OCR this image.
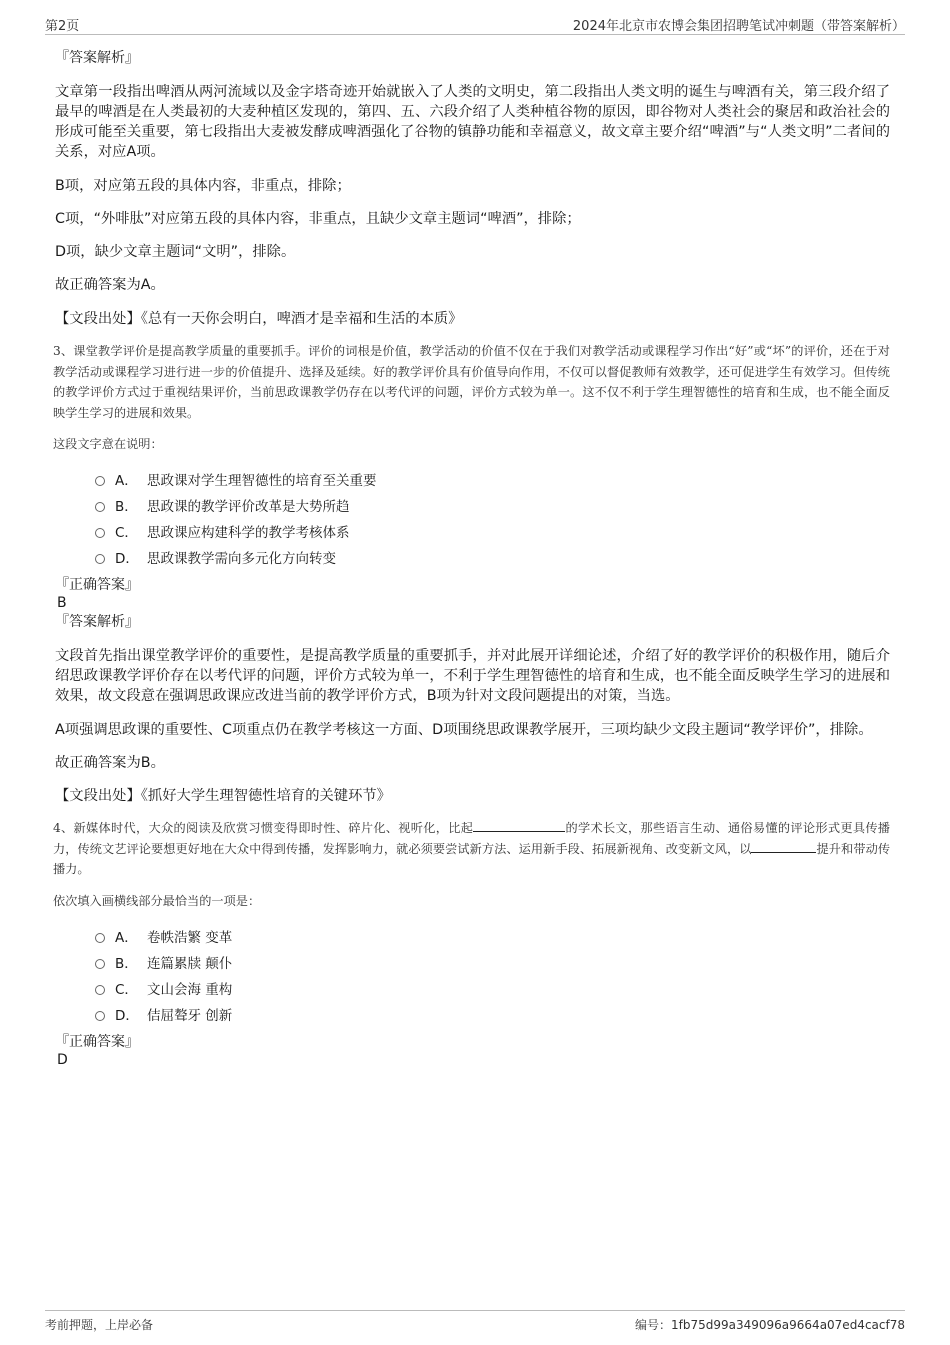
第2页	2024年北京市农博会集团招聘笔试冲刺题（带答案解析）

『答案解析』

文章第一段指出啤酒从两河流域以及金字塔奇迹开始就嵌入了人类的文明史，第二段指出人类文明的诞生与啤酒有关，第三段介绍了最早的啤酒是在人类最初的大麦种植区发现的，第四、五、六段介绍了人类种植谷物的原因，即谷物对人类社会的聚居和政治社会的形成可能至关重要，第七段指出大麦被发酵成啤酒强化了谷物的镇静功能和幸福意义，故文章主要介绍“啤酒”与“人类文明”二者间的关系，对应A项。

B项，对应第五段的具体内容，非重点，排除；

C项，“外啡肽”对应第五段的具体内容，非重点，且缺少文章主题词“啤酒”，排除；

D项，缺少文章主题词“文明”，排除。

故正确答案为A。

【文段出处】《总有一天你会明白，啤酒才是幸福和生活的本质》

3、课堂教学评价是提高教学质量的重要抓手。评价的词根是价值，教学活动的价值不仅在于我们对教学活动或课程学习作出“好”或“坏”的评价，还在于对教学活动或课程学习进行进一步的价值提升、选择及延续。好的教学评价具有价值导向作用，不仅可以督促教师有效教学，还可促进学生有效学习。但传统的教学评价方式过于重视结果评价，当前思政课教学仍存在以考代评的问题，评价方式较为单一。这不仅不利于学生理智德性的培育和生成，也不能全面反映学生学习的进展和效果。

这段文字意在说明：

A． 思政课对学生理智德性的培育至关重要
B． 思政课的教学评价改革是大势所趋
C． 思政课应构建科学的教学考核体系
D． 思政课教学需向多元化方向转变

『正确答案』

B

『答案解析』

文段首先指出课堂教学评价的重要性，是提高教学质量的重要抓手，并对此展开详细论述，介绍了好的教学评价的积极作用，随后介绍思政课教学评价存在以考代评的问题，评价方式较为单一，不利于学生理智德性的培育和生成，也不能全面反映学生学习的进展和效果，故文段意在强调思政课应改进当前的教学评价方式，B项为针对文段问题提出的对策，当选。

A项强调思政课的重要性、C项重点仍在教学考核这一方面、D项围绕思政课教学展开，三项均缺少文段主题词“教学评价”，排除。

故正确答案为B。

【文段出处】《抓好大学生理智德性培育的关键环节》

4、新媒体时代，大众的阅读及欣赏习惯变得即时性、碎片化、视听化，比起	的学术长文，那些语言生动、通俗易懂的评论形式更具传播力，传统文艺评论要想更好地在大众中得到传播，发挥影响力，就必须要尝试新方法、运用新手段、拓展新视角、改变新文风，以	提升和带动传播力。

依次填入画横线部分最恰当的一项是：

A． 卷帙浩繁 变革
B． 连篇累牍 颠仆
C． 文山会海 重构
D． 佶屈聱牙 创新

『正确答案』

D

考前押题，上岸必备	编号：1fb75d99a349096a9664a07ed4cacf78
